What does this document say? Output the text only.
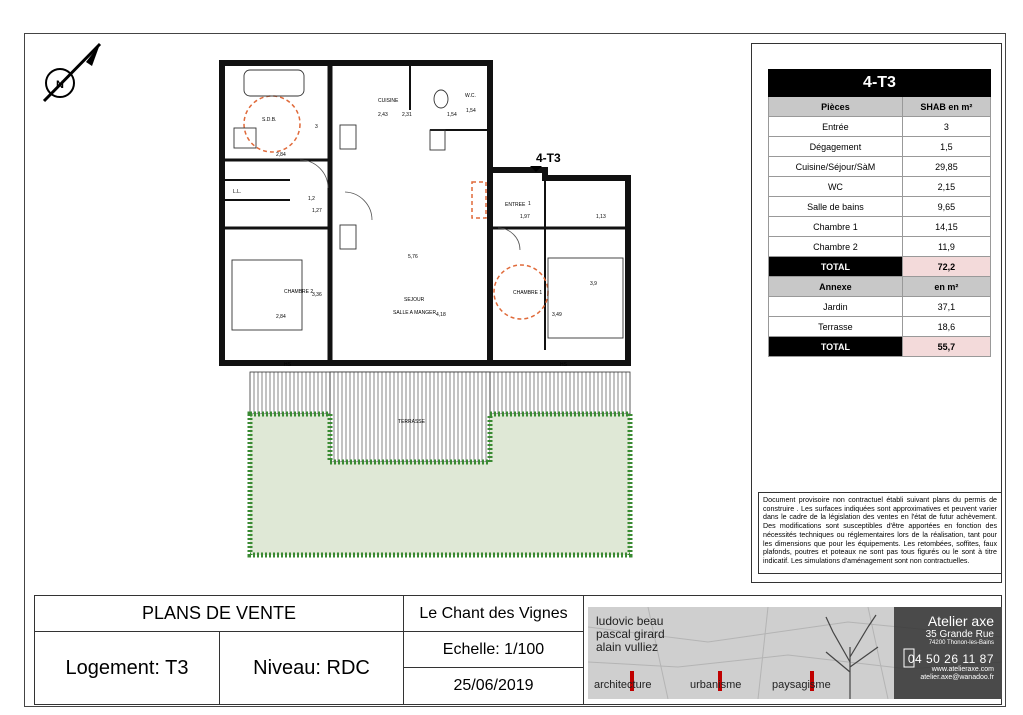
N
4-T3
S.D.B.
CUISINE
W.C.
L.L.
ENTREE
CHAMBRE 2	CHAMBRE 1
SEJOUR
SALLE A MANGER
TERRASSE
2,43	2,31	1,54
1,54
2,84
1,27
1,2
1,97	1,13
5,76
4,18	3,49
2,84
3,36
3
3,9
1
HS	HS
4-T3	
Pièces	SHAB en m²
Entrée	3
Dégagement	1,5
Cuisine/Séjour/SàM	29,85
WC	2,15
Salle de bains	9,65
Chambre 1	14,15
Chambre 2	11,9
TOTAL	72,2
Annexe	en m²
Jardin	37,1
Terrasse	18,6
TOTAL	55,7
Document provisoire non contractuel établi suivant plans du permis de construire . Les surfaces indiquées sont approximatives et peuvent varier dans le cadre de la législation des ventes en l'état de futur achèvement. Des modifications sont susceptibles d'être apportées en fonction des nécessités techniques ou réglementaires lors de la réalisation, tant pour les dimensions que pour les équipements. Les retombées, soffites, faux plafonds, poutres et poteaux ne sont pas tous figurés ou le sont à titre indicatif. Les simulations d'aménagement sont non contractuelles.
PLANS DE VENTE	Le Chant des Vignes
Logement: T3	Niveau: RDC
Echelle: 1/100
25/06/2019
ludovic beau
pascal girard
alain vulliez
Atelier axe
35 Grande Rue
74200 Thonon-les-Bains
04 50 26 11 87
www.atelieraxe.com
atelier.axe@wanadoo.fr
architecture	urbanisme	paysagisme
